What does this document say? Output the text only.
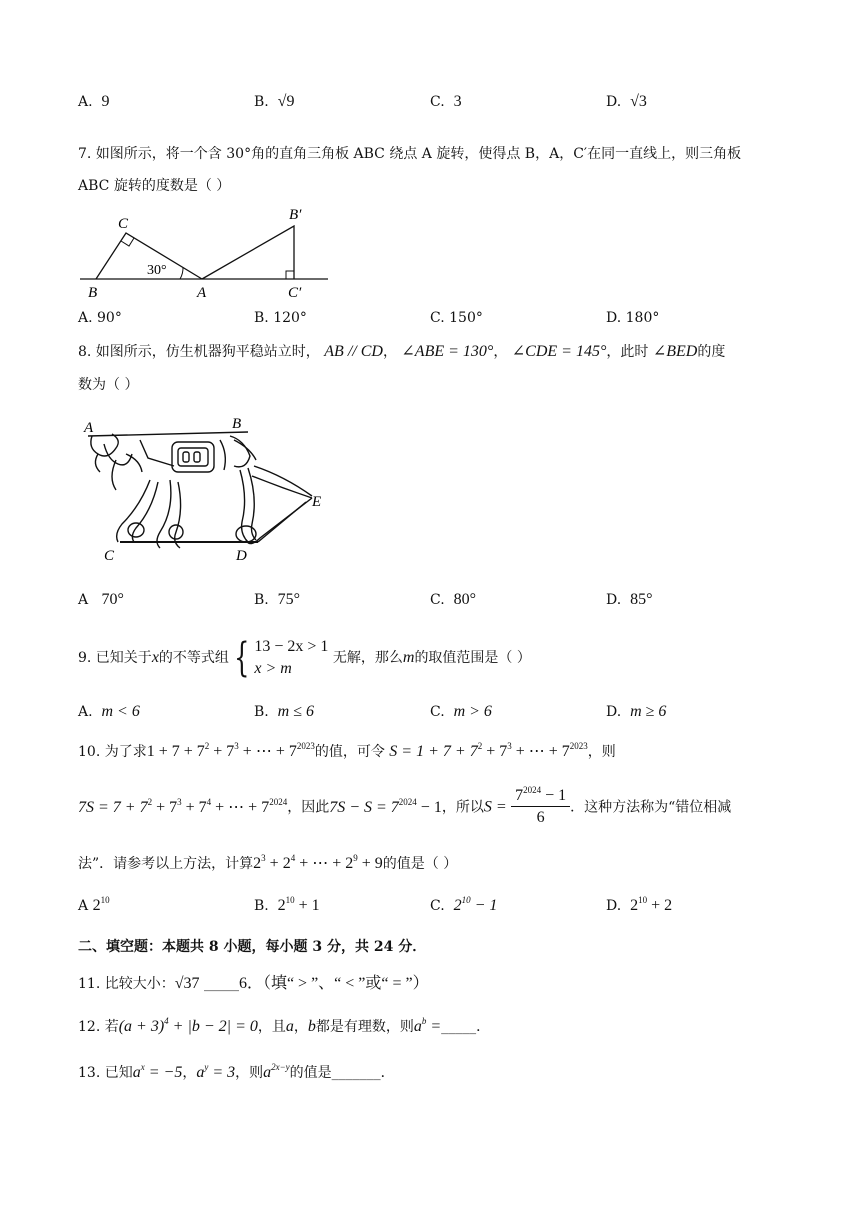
A. 9	B. √9	C. 3	D. √3
7. 如图所示，将一个含 30°角的直角三角板 ABC 绕点 A 旋转，使得点 B，A，C′在同一直线上，则三角板
ABC 旋转的度数是（ ）
C
B
30°
A
B′
C′
A. 90°	B. 120°	C. 150°	D. 180°
8. 如图所示，仿生机器狗平稳站立时， AB // CD， ∠ABE = 130°， ∠CDE = 145°，此时 ∠BED的度
数为（ ）
A	B
E
C	D
A 70°	B. 75°	C. 80°	D. 85°
9. 已知关于x的不等式组 { 13 − 2x > 1
x > m
无解，那么m的取值范围是（ ）
A. m < 6	B. m ≤ 6	C. m > 6	D. m ≥ 6
10. 为了求$1 + 7 + 7^2 + 7^3$ + ⋯ + $7^{2023}$的值，可令 $S = 1 + 7 + 7^2 + 7^3$ + ⋯ + $7^{2023}$，则
$7S = 7 + 7^2 + 7^3 + 7^4$ + ⋯ + $7^{2024}$，因此$7S - S = 7^{2024} - 1$，所以$S = \frac{7^{2024} - 1}{6}$ ．这种方法称为“错位相减
法”．请参考以上方法，计算$2^3 + 2^4$ + ⋯ + $2^9 + 9$的值是（ ）
A $2^{10}$	B. $2^{10} + 1$	C. $2^{10} - 1$	D. $2^{10} + 2$
二、填空题：本题共 8 小题，每小题 3 分，共 24 分．
11. 比较大小：√37 _____6．（填“ > ”、“ < ”或“ = ”）
12. 若$(a + 3)^4 + |b - 2| = 0$，且a，b都是有理数，则$a^b$ =_____．
13. 已知$a^x = -5$，$a^y = 3$，则$a^{2x-y}$的值是_______．
